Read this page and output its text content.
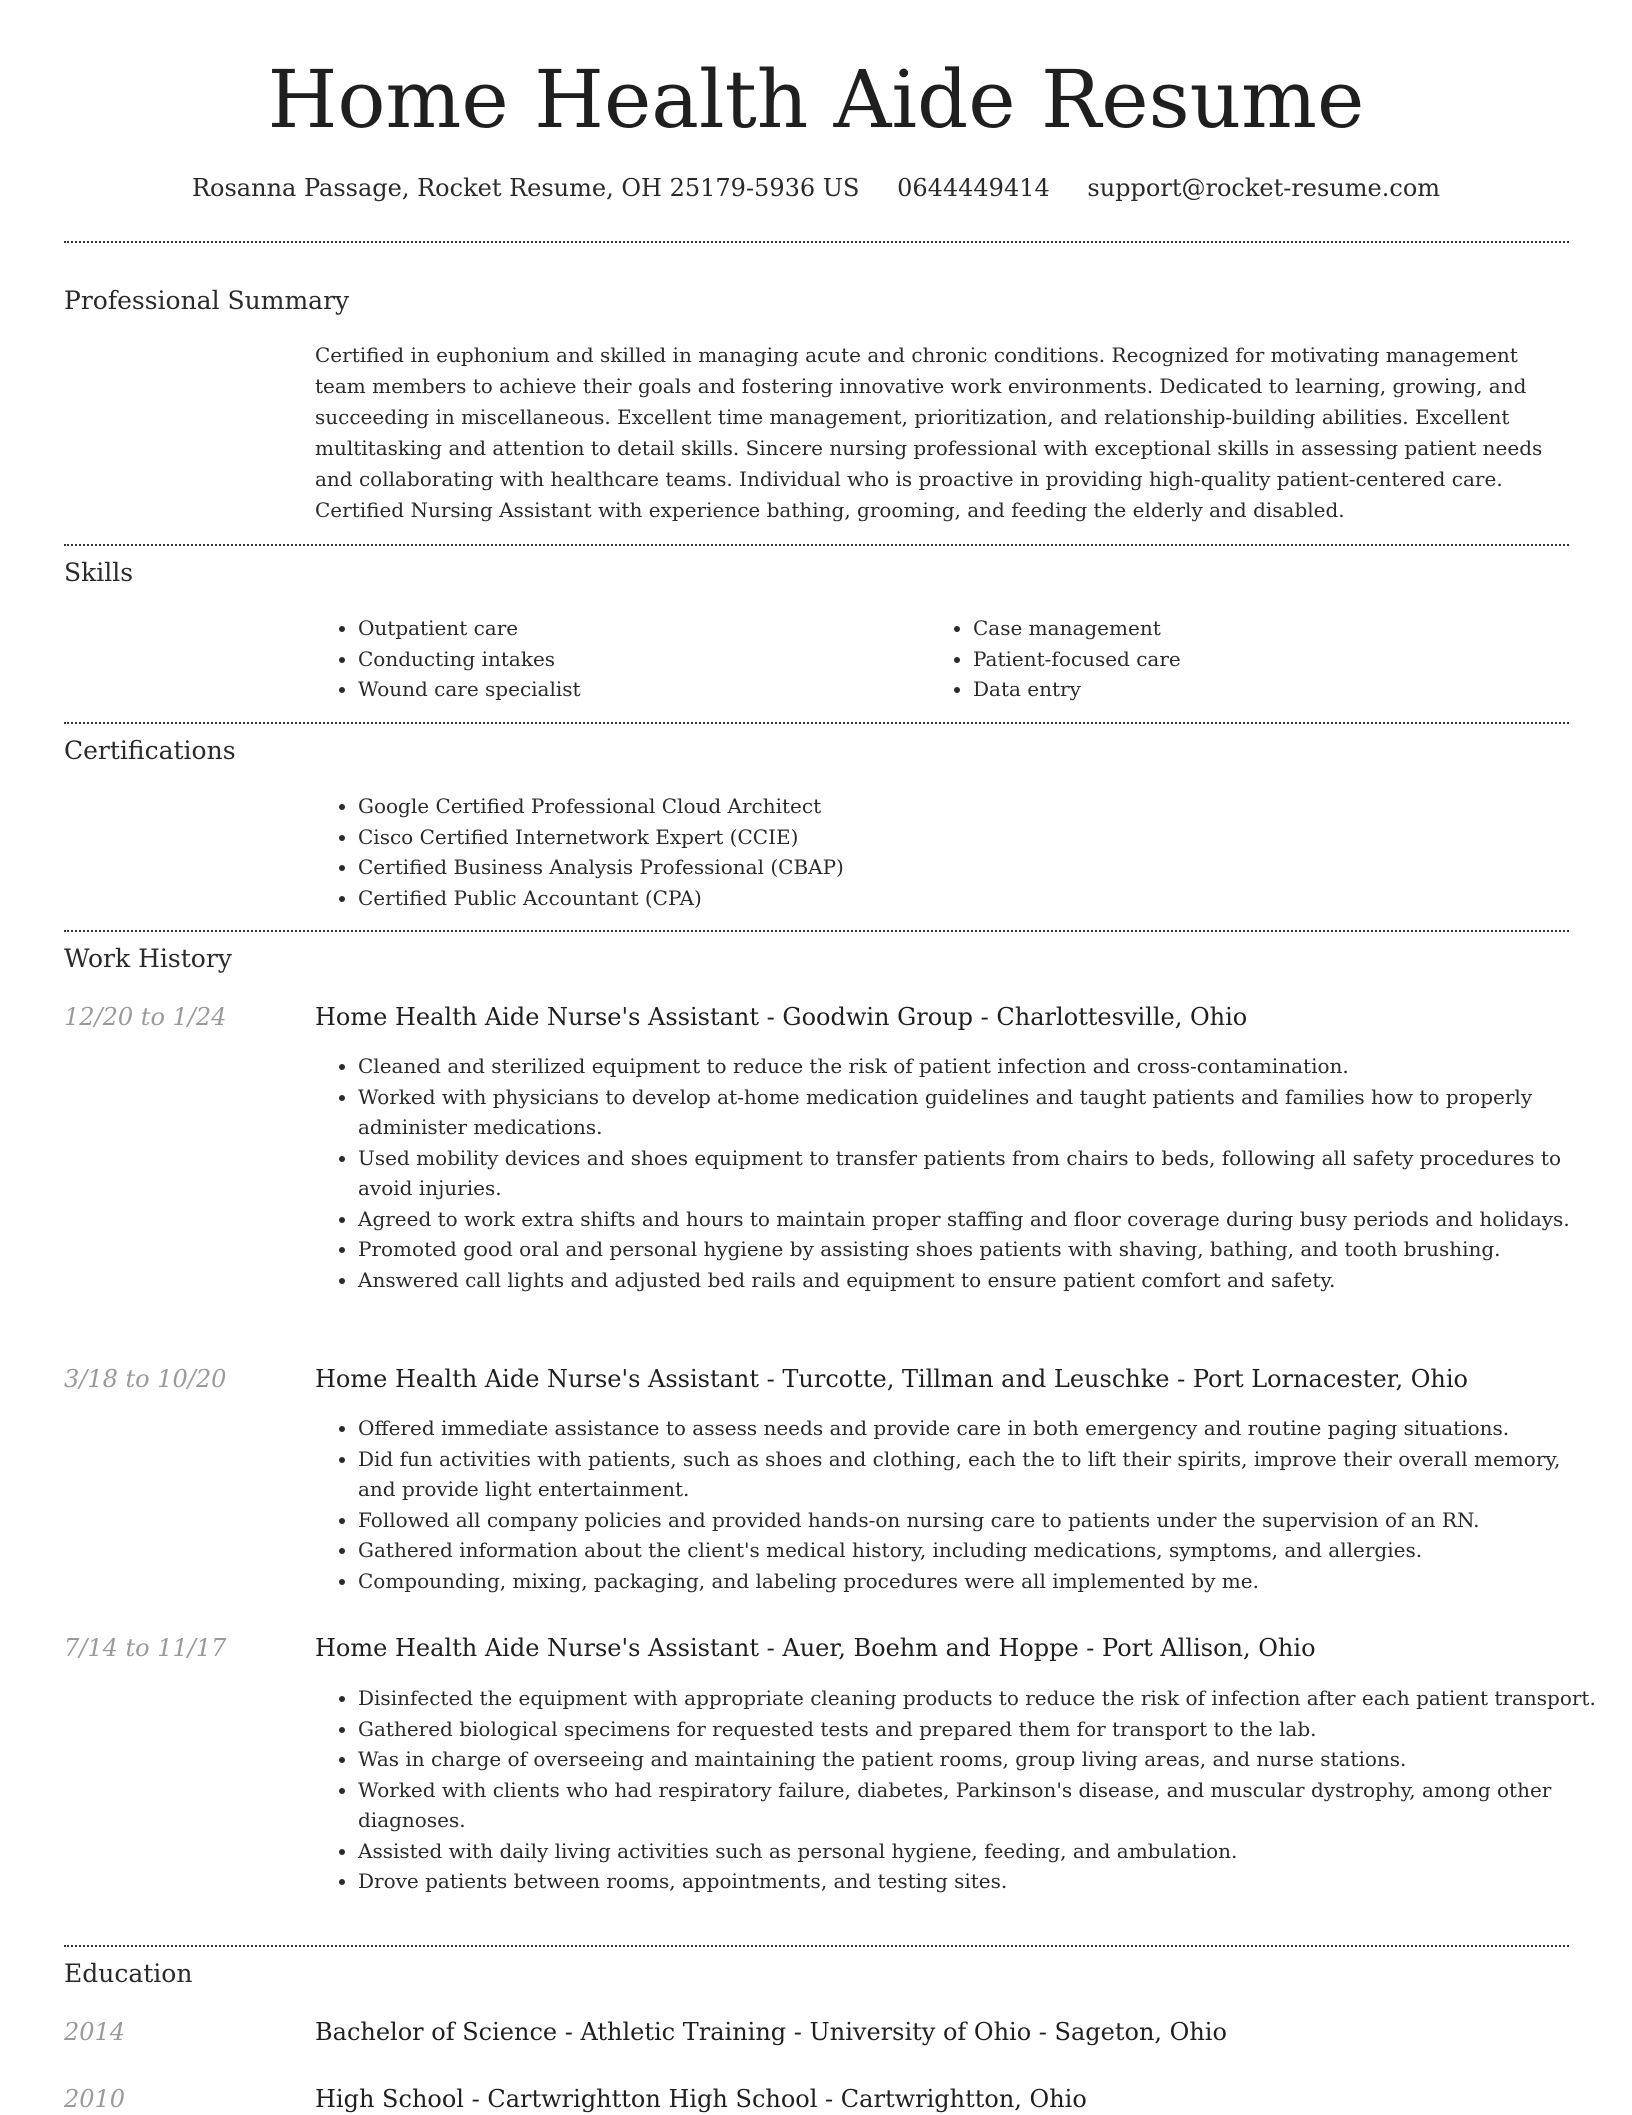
Home Health Aide Resume
Rosanna Passage, Rocket Resume, OH 25179-5936 US 0644449414 support@rocket-resume.com
Professional Summary

Certified in euphonium and skilled in managing acute and chronic conditions. Recognized for motivating management team members to achieve their goals and fostering innovative work environments. Dedicated to learning, growing, and succeeding in miscellaneous. Excellent time management, prioritization, and relationship-building abilities. Excellent multitasking and attention to detail skills. Sincere nursing professional with exceptional skills in assessing patient needs and collaborating with healthcare teams. Individual who is proactive in providing high-quality patient-centered care. Certified Nursing Assistant with experience bathing, grooming, and feeding the elderly and disabled.

Skills
• Outpatient care
• Conducting intakes
• Wound care specialist
• Case management
• Patient-focused care
• Data entry
Certifications
• Google Certified Professional Cloud Architect
• Cisco Certified Internetwork Expert (CCIE)
• Certified Business Analysis Professional (CBAP)
• Certified Public Accountant (CPA)
Work History
12/20 to 1/24	Home Health Aide Nurse's Assistant - Goodwin Group - Charlottesville, Ohio
• Cleaned and sterilized equipment to reduce the risk of patient infection and cross-contamination.
• Worked with physicians to develop at-home medication guidelines and taught patients and families how to properly administer medications.
• Used mobility devices and shoes equipment to transfer patients from chairs to beds, following all safety procedures to avoid injuries.
• Agreed to work extra shifts and hours to maintain proper staffing and floor coverage during busy periods and holidays.
• Promoted good oral and personal hygiene by assisting shoes patients with shaving, bathing, and tooth brushing.
• Answered call lights and adjusted bed rails and equipment to ensure patient comfort and safety.
3/18 to 10/20	Home Health Aide Nurse's Assistant - Turcotte, Tillman and Leuschke - Port Lornacester, Ohio
• Offered immediate assistance to assess needs and provide care in both emergency and routine paging situations.
• Did fun activities with patients, such as shoes and clothing, each the to lift their spirits, improve their overall memory, and provide light entertainment.
• Followed all company policies and provided hands-on nursing care to patients under the supervision of an RN.
• Gathered information about the client's medical history, including medications, symptoms, and allergies.
• Compounding, mixing, packaging, and labeling procedures were all implemented by me.
7/14 to 11/17	Home Health Aide Nurse's Assistant - Auer, Boehm and Hoppe - Port Allison, Ohio
• Disinfected the equipment with appropriate cleaning products to reduce the risk of infection after each patient transport.
• Gathered biological specimens for requested tests and prepared them for transport to the lab.
• Was in charge of overseeing and maintaining the patient rooms, group living areas, and nurse stations.
• Worked with clients who had respiratory failure, diabetes, Parkinson's disease, and muscular dystrophy, among other diagnoses.
• Assisted with daily living activities such as personal hygiene, feeding, and ambulation.
• Drove patients between rooms, appointments, and testing sites.
Education
2014	Bachelor of Science - Athletic Training - University of Ohio - Sageton, Ohio
2010	High School - Cartwrightton High School - Cartwrightton, Ohio
